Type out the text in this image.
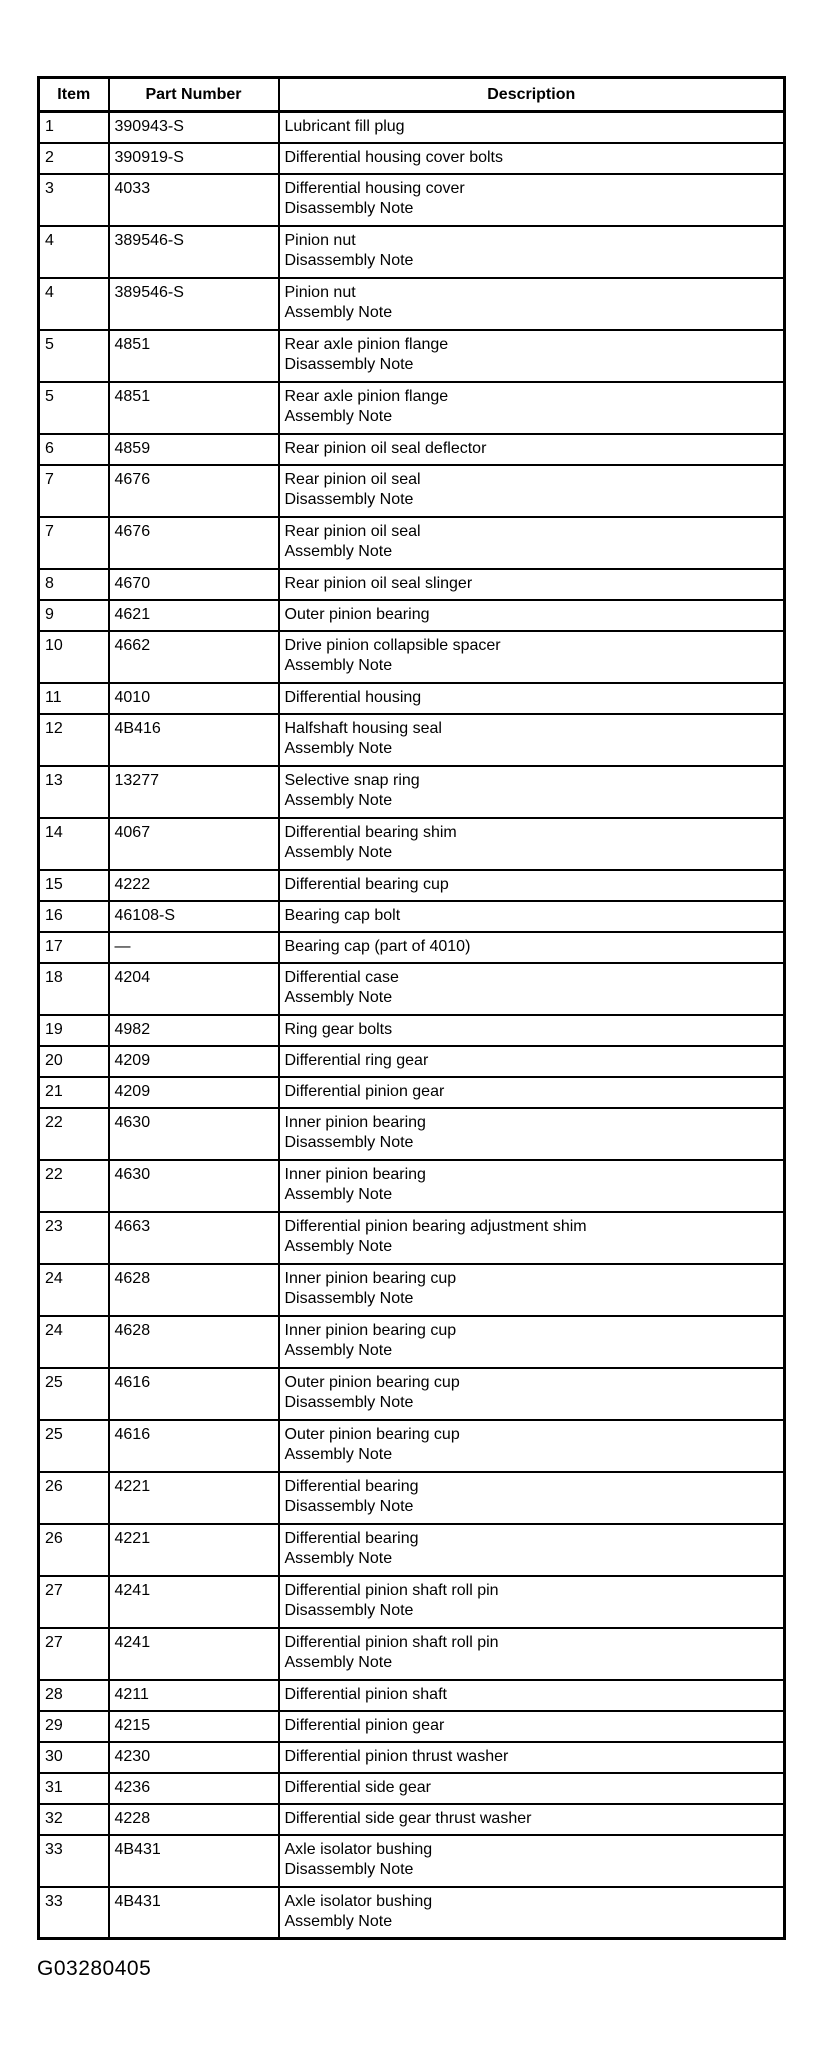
Item	Part Number	Description
1	390943-S	Lubricant fill plug

2	390919-S	Differential housing cover bolts

3	4033	Differential housing cover
Disassembly Note

4	389546-S	Pinion nut
Disassembly Note

4	389546-S	Pinion nut
Assembly Note

5	4851	Rear axle pinion flange
Disassembly Note

5	4851	Rear axle pinion flange
Assembly Note

6	4859	Rear pinion oil seal deflector

7	4676	Rear pinion oil seal
Disassembly Note

7	4676	Rear pinion oil seal
Assembly Note

8	4670	Rear pinion oil seal slinger

9	4621	Outer pinion bearing

10	4662	Drive pinion collapsible spacer
Assembly Note

11	4010	Differential housing

12	4B416	Halfshaft housing seal
Assembly Note

13	13277	Selective snap ring
Assembly Note

14	4067	Differential bearing shim
Assembly Note

15	4222	Differential bearing cup

16	46108-S	Bearing cap bolt

17	—	Bearing cap (part of 4010)

18	4204	Differential case
Assembly Note

19	4982	Ring gear bolts

20	4209	Differential ring gear

21	4209	Differential pinion gear

22	4630	Inner pinion bearing
Disassembly Note

22	4630	Inner pinion bearing
Assembly Note

23	4663	Differential pinion bearing adjustment shim
Assembly Note

24	4628	Inner pinion bearing cup
Disassembly Note

24	4628	Inner pinion bearing cup
Assembly Note

25	4616	Outer pinion bearing cup
Disassembly Note

25	4616	Outer pinion bearing cup
Assembly Note

26	4221	Differential bearing
Disassembly Note

26	4221	Differential bearing
Assembly Note

27	4241	Differential pinion shaft roll pin
Disassembly Note

27	4241	Differential pinion shaft roll pin
Assembly Note

28	4211	Differential pinion shaft

29	4215	Differential pinion gear

30	4230	Differential pinion thrust washer

31	4236	Differential side gear

32	4228	Differential side gear thrust washer

33	4B431	Axle isolator bushing
Disassembly Note

33	4B431	Axle isolator bushing
Assembly Note
G03280405
